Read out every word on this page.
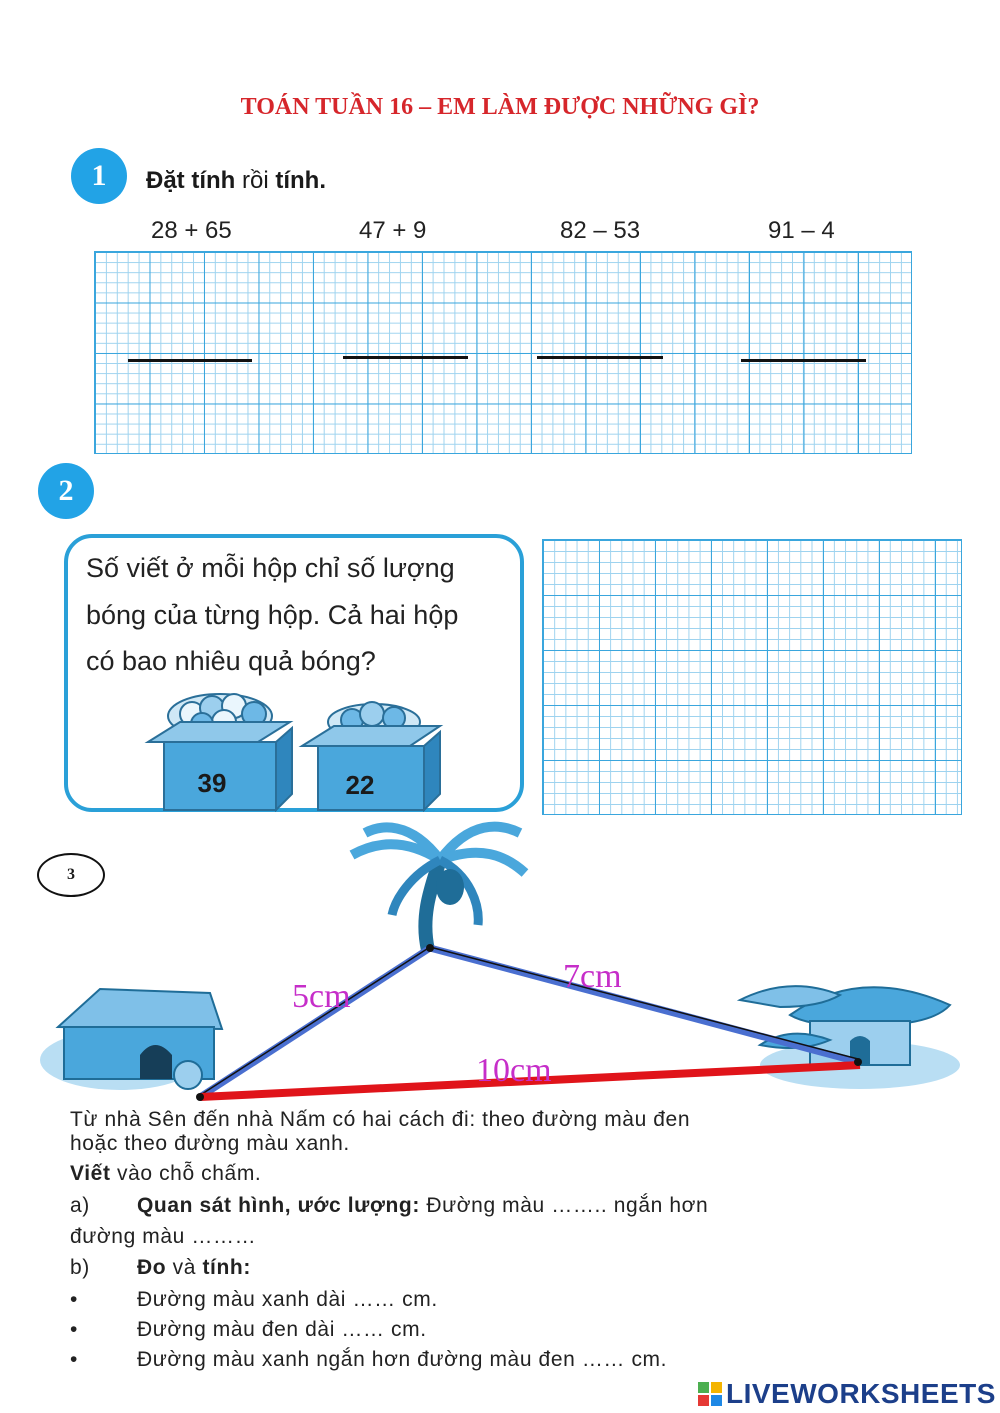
TOÁN TUẦN 16 – EM LÀM ĐƯỢC NHỮNG GÌ?
1 Đặt tính rồi tính.
28 + 65	47 + 9	82 – 53	91 – 4
2
Số viết ở mỗi hộp chỉ số lượng
bóng của từng hộp. Cả hai hộp
có bao nhiêu quả bóng?
39	22
3
5cm
7cm
10cm
Từ nhà Sên đến nhà Nấm có hai cách đi: theo đường màu đen
hoặc theo đường màu xanh.
Viết vào chỗ chấm.
a)	Quan sát hình, ước lượng: Đường màu …….. ngắn hơn
đường màu ………
b)	Đo và tính:
•	Đường màu xanh dài …… cm.
•	Đường màu đen dài …… cm.
•	Đường màu xanh ngắn hơn đường màu đen …… cm.
LIVEWORKSHEETS
